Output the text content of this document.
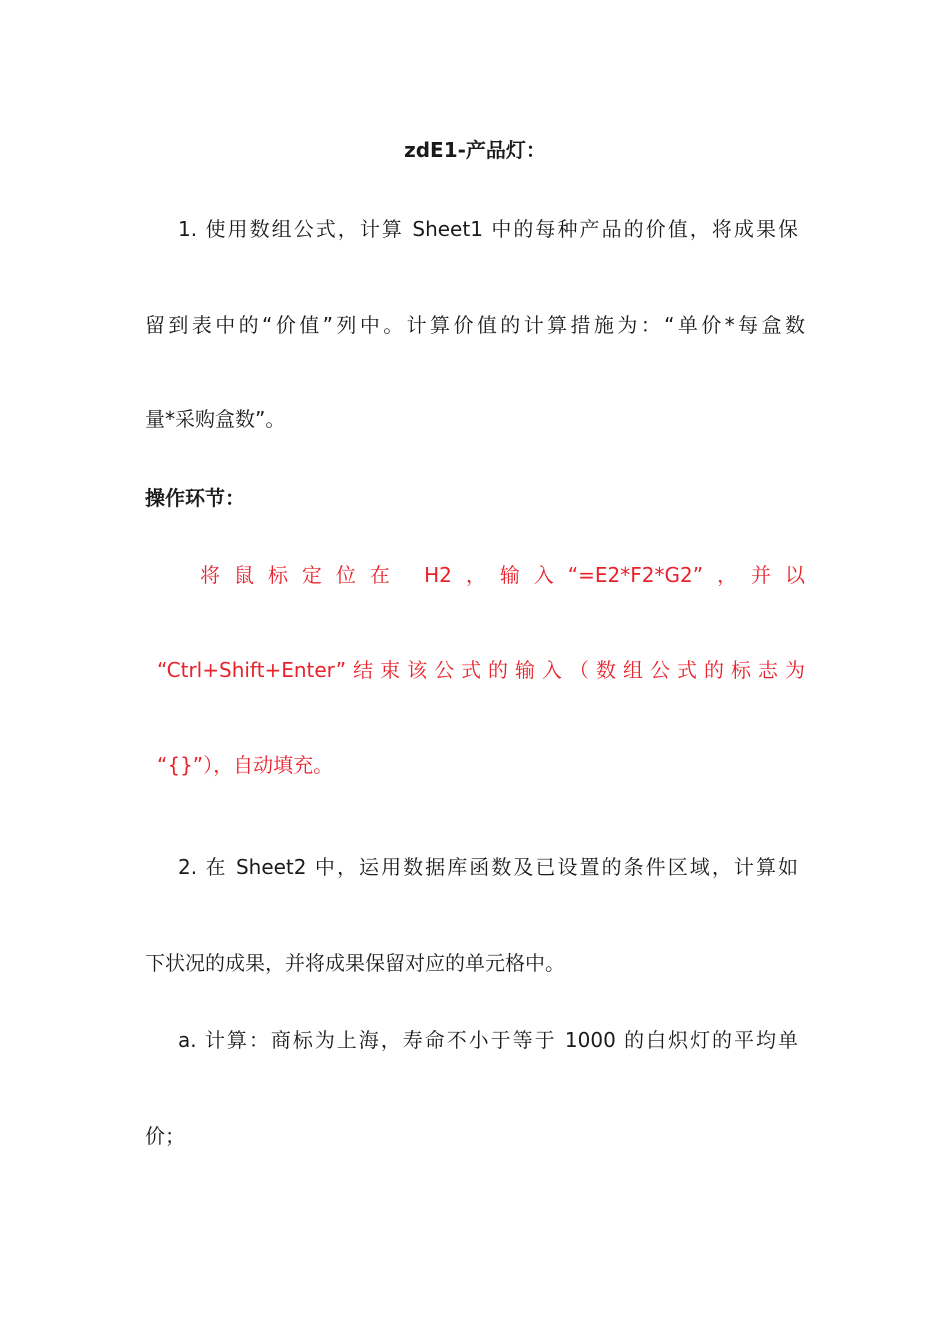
zdE1-产品灯：
1. 使用数组公式，计算 Sheet1 中的每种产品的价值，将成果保
留到表中的“价值”列中。计算价值的计算措施为：“单价*每盒数
量*采购盒数”。
操作环节：
将鼠标定位在 H2，输入“=E2*F2*G2”，并以
“Ctrl+Shift+Enter”结束该公式的输入（数组公式的标志为
“{}”），自动填充。
2. 在 Sheet2 中，运用数据库函数及已设置的条件区域，计算如
下状况的成果，并将成果保留对应的单元格中。
a. 计算：商标为上海，寿命不小于等于 1000 的白炽灯的平均单
价；
